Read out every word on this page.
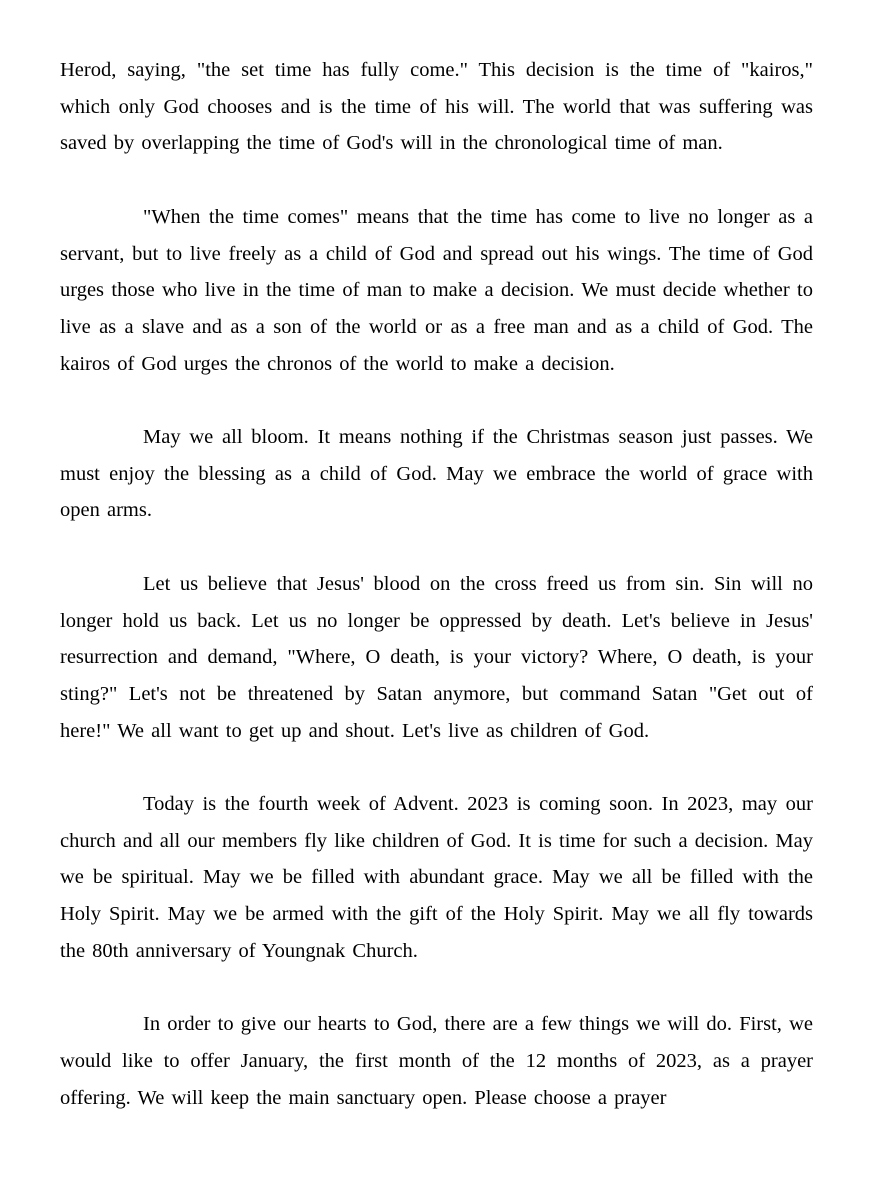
Herod, saying, "the set time has fully come." This decision is the time of "kairos," which only God chooses and is the time of his will. The world that was suffering was saved by overlapping the time of God's will in the chronological time of man.

"When the time comes" means that the time has come to live no longer as a servant, but to live freely as a child of God and spread out his wings. The time of God urges those who live in the time of man to make a decision. We must decide whether to live as a slave and as a son of the world or as a free man and as a child of God. The kairos of God urges the chronos of the world to make a decision.

May we all bloom. It means nothing if the Christmas season just passes. We must enjoy the blessing as a child of God. May we embrace the world of grace with open arms.

Let us believe that Jesus' blood on the cross freed us from sin. Sin will no longer hold us back. Let us no longer be oppressed by death. Let's believe in Jesus' resurrection and demand, "Where, O death, is your victory? Where, O death, is your sting?" Let's not be threatened by Satan anymore, but command Satan "Get out of here!" We all want to get up and shout. Let's live as children of God.

Today is the fourth week of Advent. 2023 is coming soon. In 2023, may our church and all our members fly like children of God. It is time for such a decision. May we be spiritual. May we be filled with abundant grace. May we all be filled with the Holy Spirit. May we be armed with the gift of the Holy Spirit. May we all fly towards the 80th anniversary of Youngnak Church.

In order to give our hearts to God, there are a few things we will do. First, we would like to offer January, the first month of the 12 months of 2023, as a prayer offering. We will keep the main sanctuary open. Please choose a prayer
